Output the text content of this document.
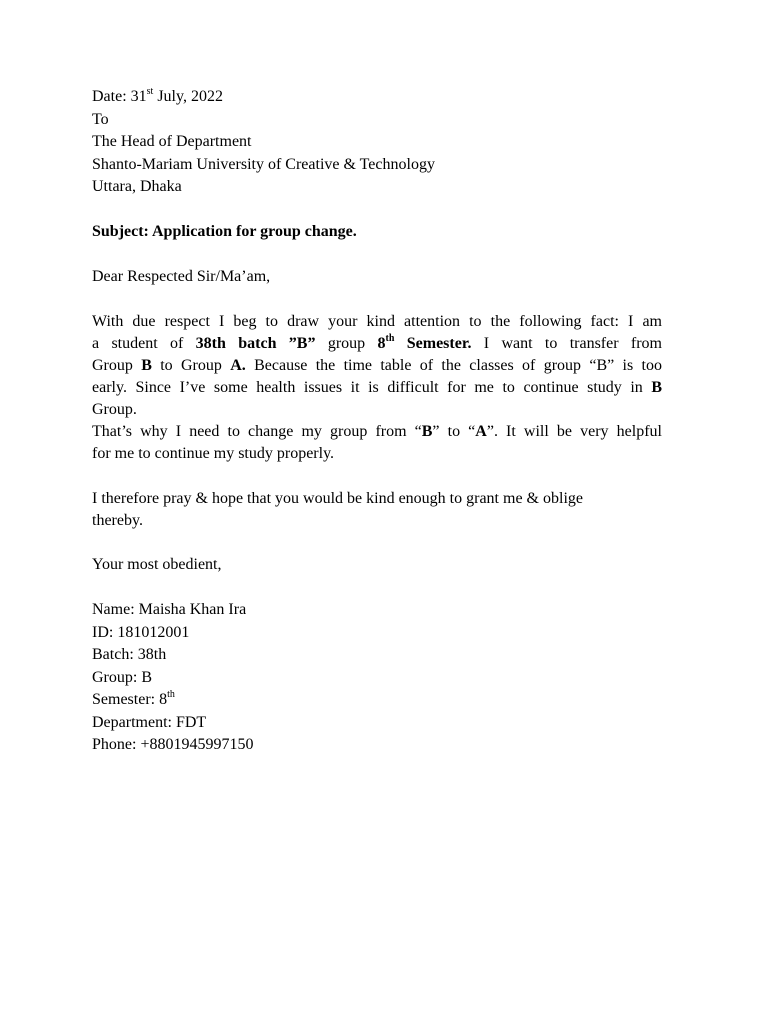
Date: 31st July, 2022
To
The Head of Department
Shanto-Mariam University of Creative & Technology
Uttara, Dhaka
Subject: Application for group change.
Dear Respected Sir/Ma’am,
With due respect I beg to draw your kind attention to the following fact: I am
a student of 38th batch ”B” group 8th Semester. I want to transfer from
Group B to Group A. Because the time table of the classes of group “B” is too
early. Since I’ve some health issues it is difficult for me to continue study in B
Group.
That’s why I need to change my group from “B” to “A”. It will be very helpful
for me to continue my study properly.
I therefore pray & hope that you would be kind enough to grant me & oblige
thereby.
Your most obedient,
Name: Maisha Khan Ira
ID: 181012001
Batch: 38th
Group: B
Semester: 8th
Department: FDT
Phone: +8801945997150
